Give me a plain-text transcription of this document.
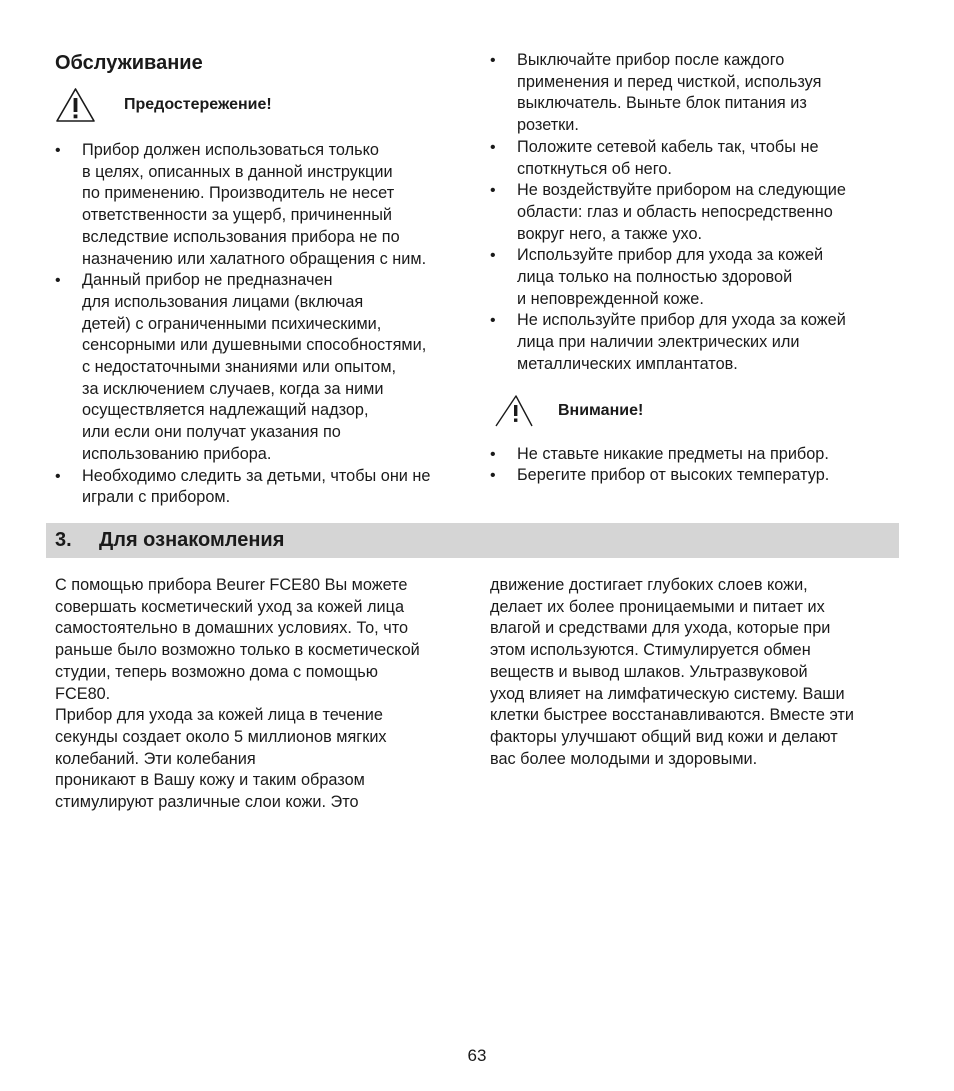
Обслуживание
Предостережение!
• Прибор должен использоваться только
в целях, описанных в данной инструкции
по применению. Производитель не несет
ответственности за ущерб, причиненный
вследствие использования прибора не по
назначению или халатного обращения с ним.
• Данный прибор не предназначен
для использования лицами (включая
детей) с ограниченными психическими,
сенсорными или душевными способностями,
с недостаточными знаниями или опытом,
за исключением случаев, когда за ними
осуществляется надлежащий надзор,
или если они получат указания по
использованию прибора.
• Необходимо следить за детьми, чтобы они не
играли с прибором.
• Выключайте прибор после каждого
применения и перед чисткой, используя
выключатель. Выньте блок питания из
розетки.
• Положите сетевой кабель так, чтобы не
споткнуться об него.
• Не воздействуйте прибором на следующие
области: глаз и область непосредственно
вокруг него, а также ухо.
• Используйте прибор для ухода за кожей
лица только на полностью здоровой
и неповрежденной коже.
• Не используйте прибор для ухода за кожей
лица при наличии электрических или
металлических имплантатов.
Внимание!
• Не ставьте никакие предметы на прибор.
• Берегите прибор от высоких температур.
3.	Для ознакомления

С помощью прибора Beurer FCE80 Вы можете
совершать косметический уход за кожей лица
самостоятельно в домашних условиях. То, что
раньше было возможно только в косметической
студии, теперь возможно дома с помощью
FCE80.
Прибор для ухода за кожей лица в течение
секунды создает около 5 миллионов мягких
колебаний. Эти колебания
проникают в Вашу кожу и таким образом
стимулируют различные слои кожи. Это

движение достигает глубоких слоев кожи,
делает их более проницаемыми и питает их
влагой и средствами для ухода, которые при
этом используются. Стимулируется обмен
веществ и вывод шлаков. Ультразвуковой
уход влияет на лимфатическую систему. Ваши
клетки быстрее восстанавливаются. Вместе эти
факторы улучшают общий вид кожи и делают
вас более молодыми и здоровыми.

63
